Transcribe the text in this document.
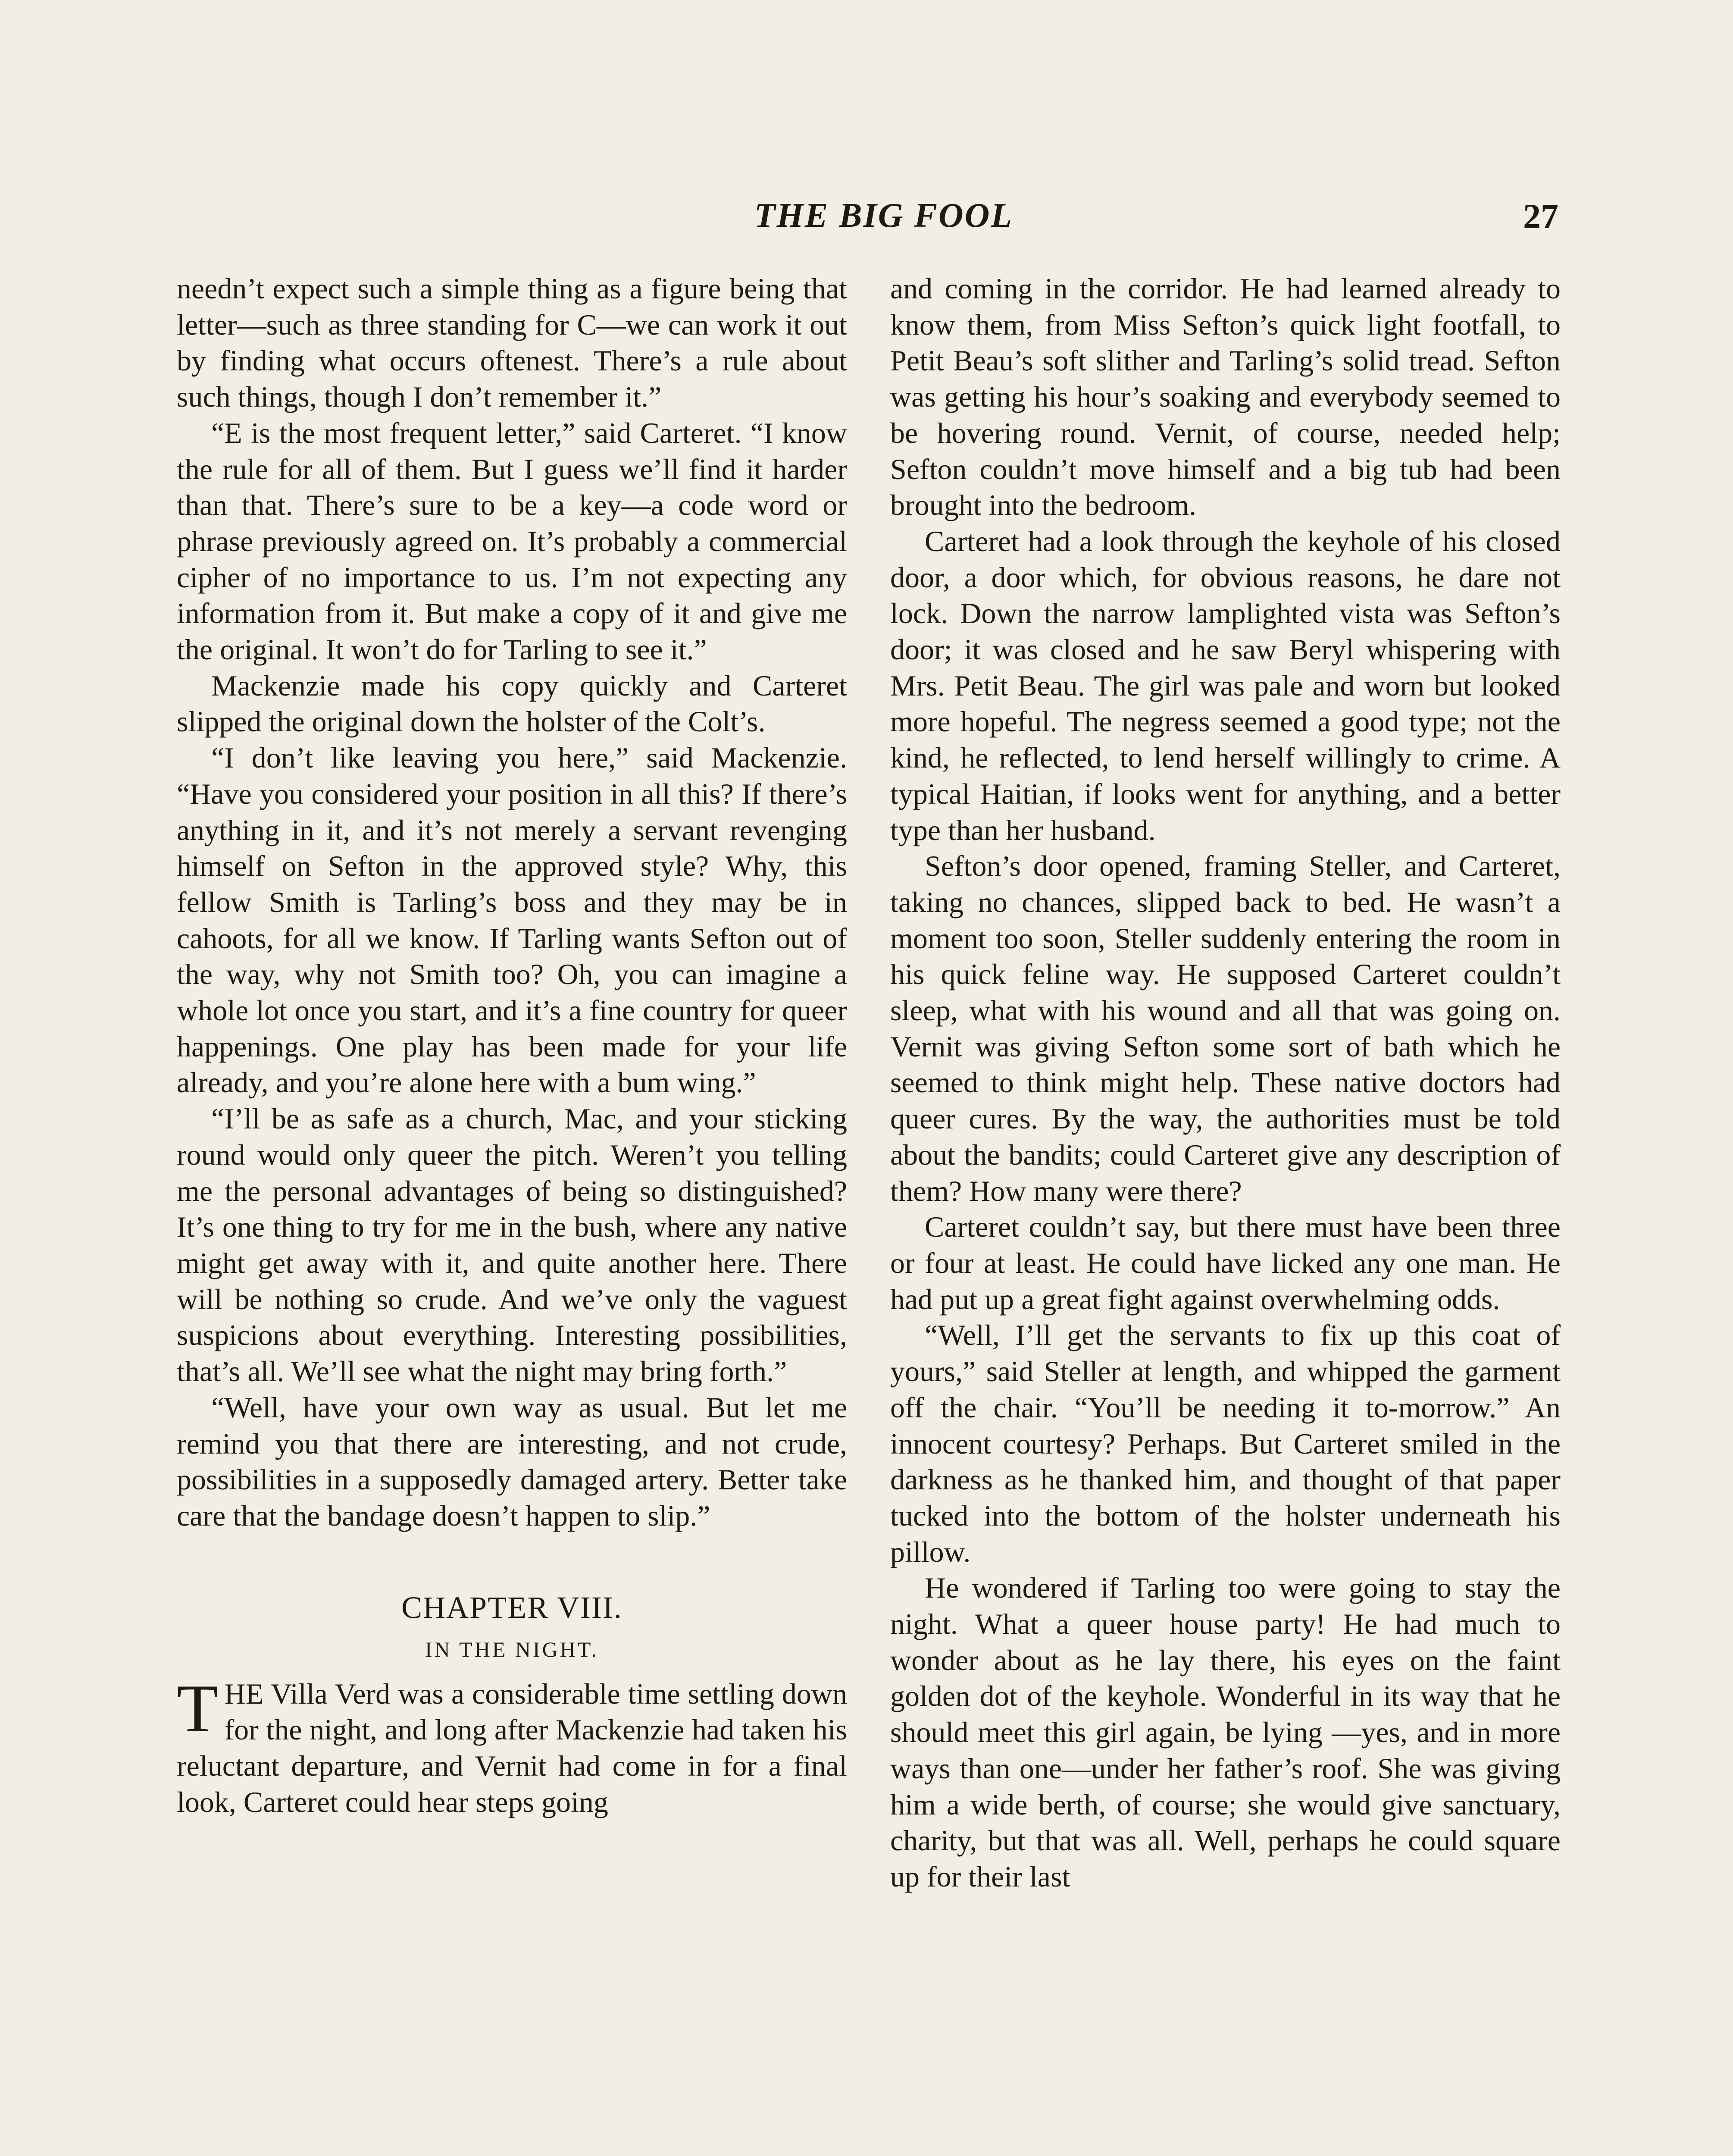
THE BIG FOOL	27

needn’t expect such a simple thing as a figure being that letter—such as three standing for C—we can work it out by finding what occurs oftenest. There’s a rule about such things, though I don’t remember it.”

“E is the most frequent letter,” said Carteret. “I know the rule for all of them. But I guess we’ll find it harder than that. There’s sure to be a key—a code word or phrase previously agreed on. It’s probably a commercial cipher of no importance to us. I’m not expecting any information from it. But make a copy of it and give me the original. It won’t do for Tarling to see it.”

Mackenzie made his copy quickly and Carteret slipped the original down the holster of the Colt’s.

“I don’t like leaving you here,” said Mackenzie. “Have you considered your position in all this? If there’s anything in it, and it’s not merely a servant revenging himself on Sefton in the approved style? Why, this fellow Smith is Tarling’s boss and they may be in cahoots, for all we know. If Tarling wants Sefton out of the way, why not Smith too? Oh, you can imagine a whole lot once you start, and it’s a fine country for queer happenings. One play has been made for your life already, and you’re alone here with a bum wing.”

“I’ll be as safe as a church, Mac, and your sticking round would only queer the pitch. Weren’t you telling me the personal advantages of being so distinguished? It’s one thing to try for me in the bush, where any native might get away with it, and quite another here. There will be nothing so crude. And we’ve only the vaguest suspicions about everything. Interesting possibilities, that’s all. We’ll see what the night may bring forth.”

“Well, have your own way as usual. But let me remind you that there are interesting, and not crude, possibilities in a supposedly damaged artery. Better take care that the bandage doesn’t happen to slip.”

CHAPTER VIII.
IN THE NIGHT.

THE Villa Verd was a considerable time settling down for the night, and long after Mackenzie had taken his reluctant departure, and Vernit had come in for a final look, Carteret could hear steps going

and coming in the corridor. He had learned already to know them, from Miss Sefton’s quick light footfall, to Petit Beau’s soft slither and Tarling’s solid tread. Sefton was getting his hour’s soaking and everybody seemed to be hovering round. Vernit, of course, needed help; Sefton couldn’t move himself and a big tub had been brought into the bedroom.

Carteret had a look through the keyhole of his closed door, a door which, for obvious reasons, he dare not lock. Down the narrow lamplighted vista was Sefton’s door; it was closed and he saw Beryl whispering with Mrs. Petit Beau. The girl was pale and worn but looked more hopeful. The negress seemed a good type; not the kind, he reflected, to lend herself willingly to crime. A typical Haitian, if looks went for anything, and a better type than her husband.

Sefton’s door opened, framing Steller, and Carteret, taking no chances, slipped back to bed. He wasn’t a moment too soon, Steller suddenly entering the room in his quick feline way. He supposed Carteret couldn’t sleep, what with his wound and all that was going on. Vernit was giving Sefton some sort of bath which he seemed to think might help. These native doctors had queer cures. By the way, the authorities must be told about the bandits; could Carteret give any description of them? How many were there?

Carteret couldn’t say, but there must have been three or four at least. He could have licked any one man. He had put up a great fight against overwhelming odds.

“Well, I’ll get the servants to fix up this coat of yours,” said Steller at length, and whipped the garment off the chair. “You’ll be needing it to-morrow.” An innocent courtesy? Perhaps. But Carteret smiled in the darkness as he thanked him, and thought of that paper tucked into the bottom of the holster underneath his pillow.

He wondered if Tarling too were going to stay the night. What a queer house party! He had much to wonder about as he lay there, his eyes on the faint golden dot of the keyhole. Wonderful in its way that he should meet this girl again, be lying —yes, and in more ways than one—under her father’s roof. She was giving him a wide berth, of course; she would give sanctuary, charity, but that was all. Well, perhaps he could square up for their last
